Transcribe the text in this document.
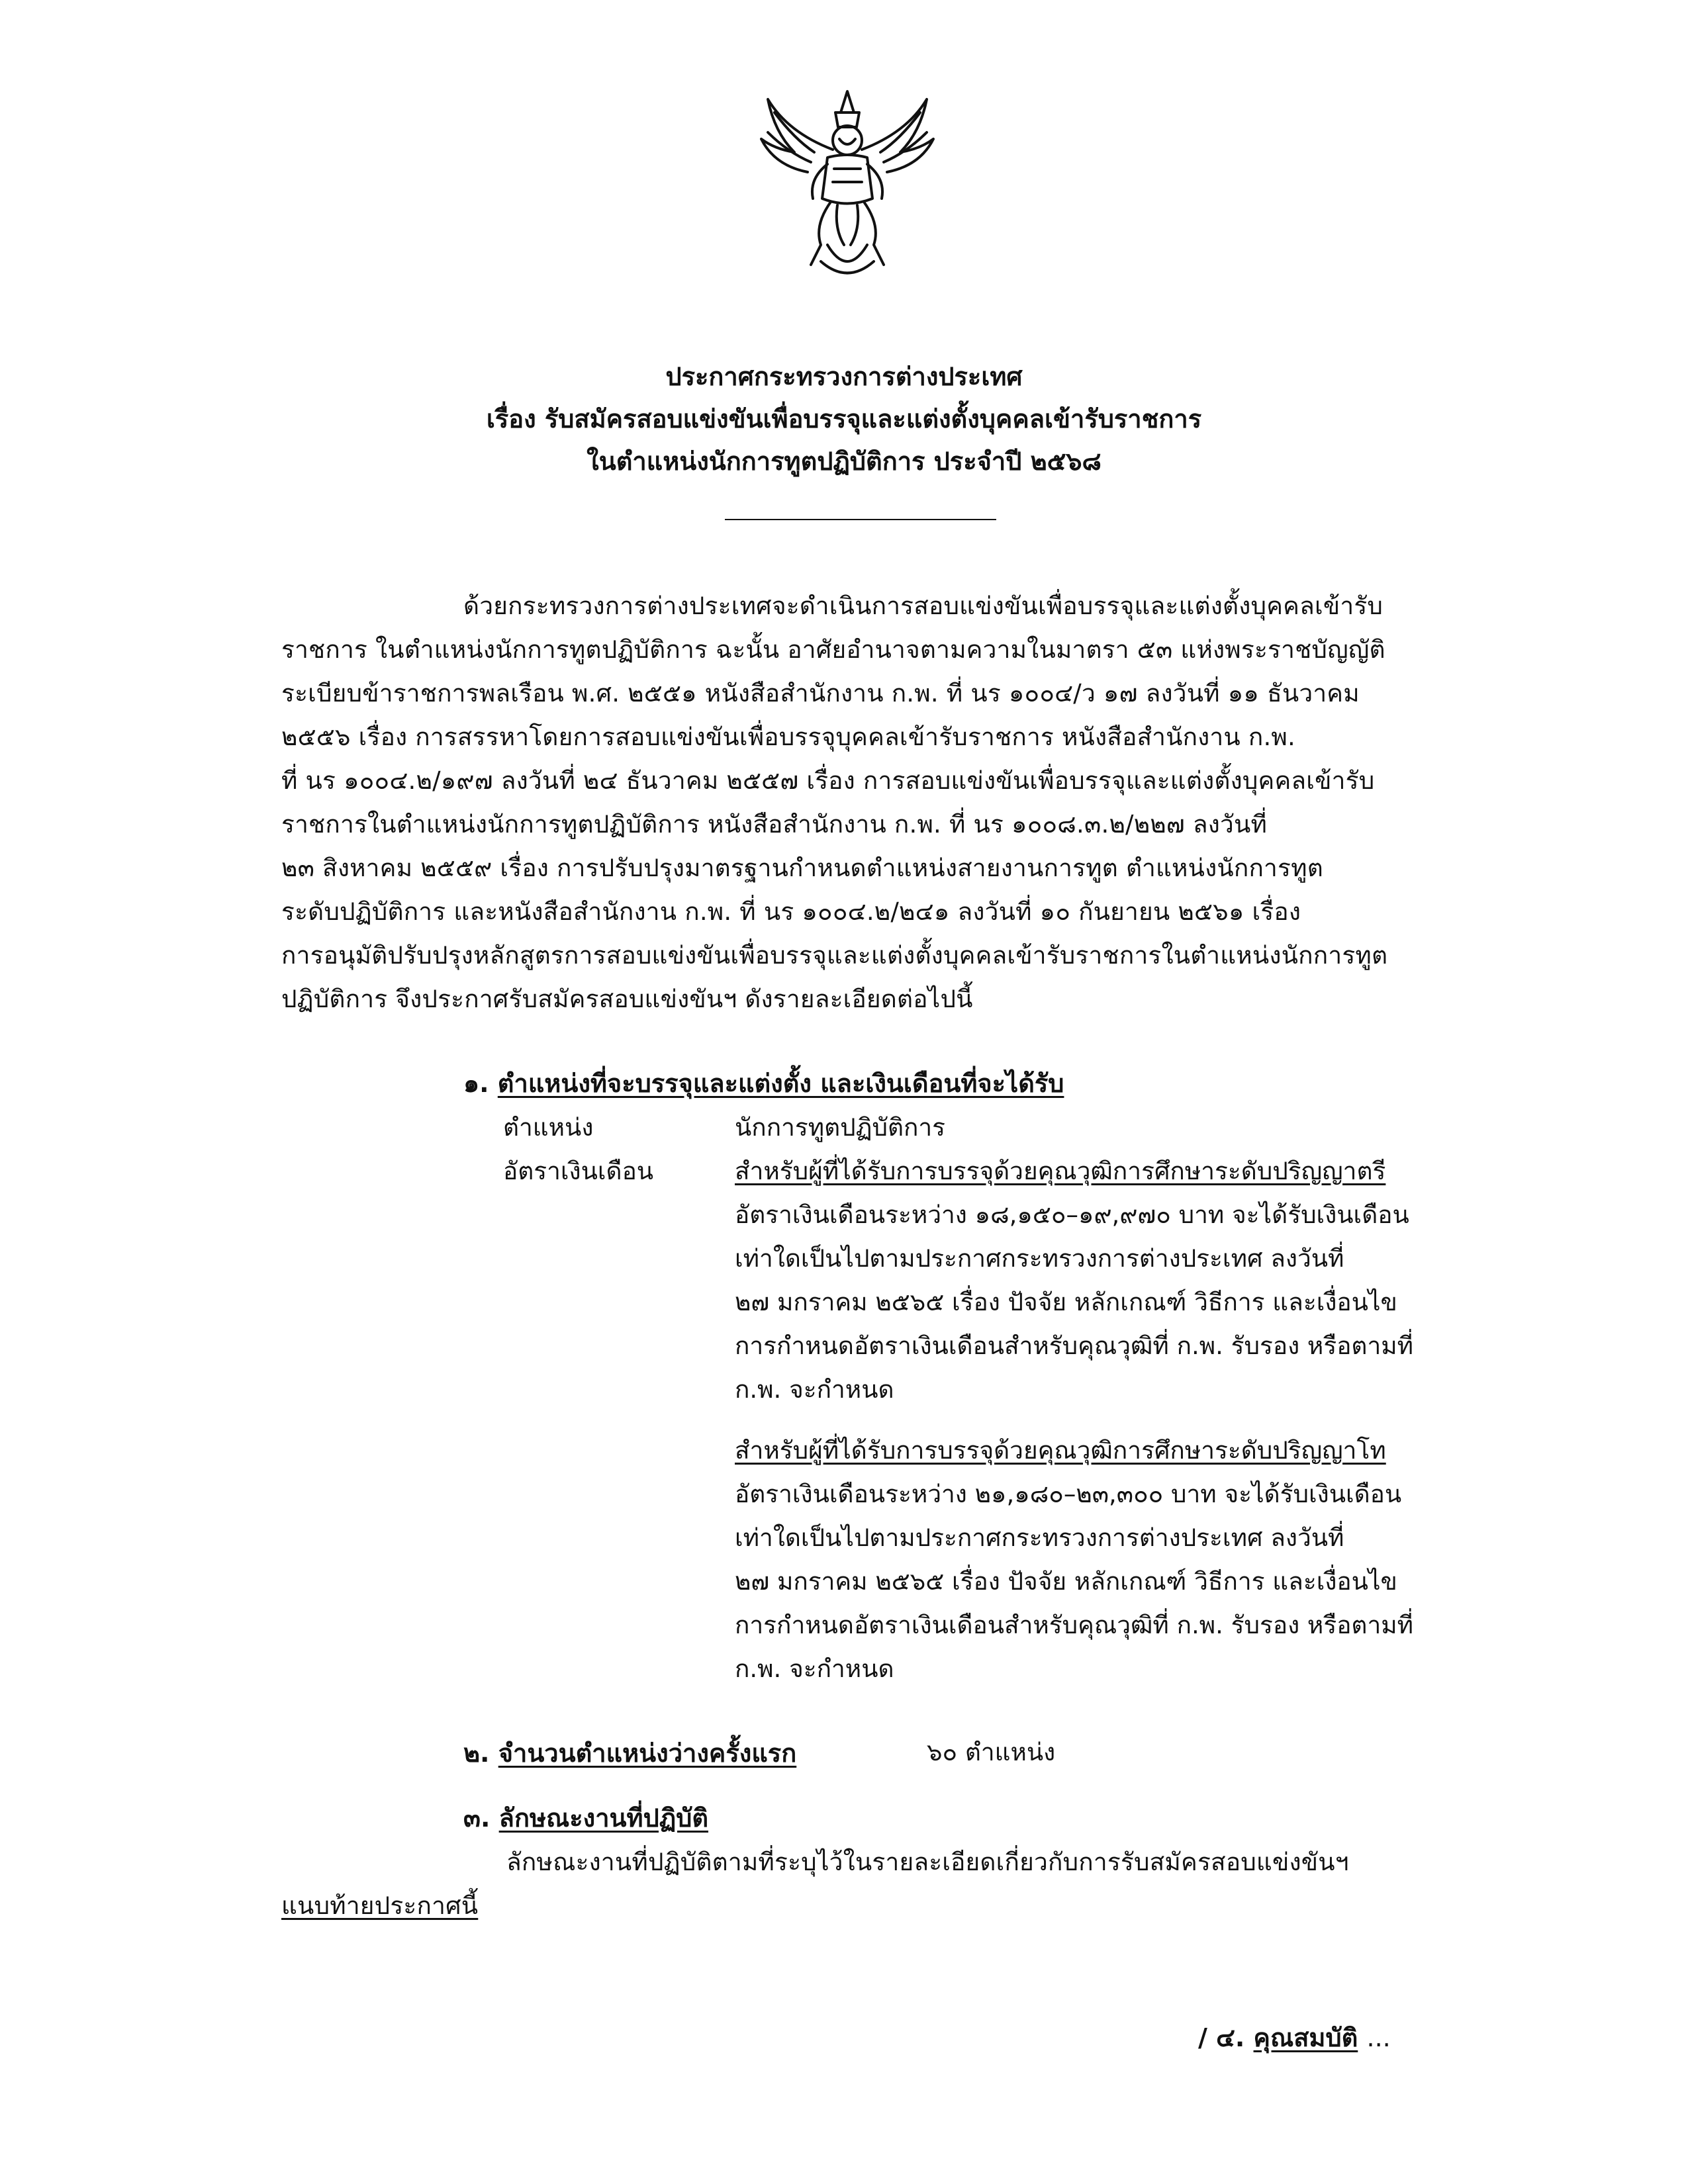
ประกาศกระทรวงการต่างประเทศ
เรื่อง รับสมัครสอบแข่งขันเพื่อบรรจุและแต่งตั้งบุคคลเข้ารับราชการ
ในตำแหน่งนักการทูตปฏิบัติการ ประจำปี ๒๕๖๘
ด้วยกระทรวงการต่างประเทศจะดำเนินการสอบแข่งขันเพื่อบรรจุและแต่งตั้งบุคคลเข้ารับ
ราชการ ในตำแหน่งนักการทูตปฏิบัติการ ฉะนั้น อาศัยอำนาจตามความในมาตรา ๕๓ แห่งพระราชบัญญัติ
ระเบียบข้าราชการพลเรือน พ.ศ. ๒๕๕๑ หนังสือสำนักงาน ก.พ. ที่ นร ๑๐๐๔/ว ๑๗ ลงวันที่ ๑๑ ธันวาคม
๒๕๕๖ เรื่อง การสรรหาโดยการสอบแข่งขันเพื่อบรรจุบุคคลเข้ารับราชการ หนังสือสำนักงาน ก.พ.
ที่ นร ๑๐๐๔.๒/๑๙๗ ลงวันที่ ๒๔ ธันวาคม ๒๕๕๗ เรื่อง การสอบแข่งขันเพื่อบรรจุและแต่งตั้งบุคคลเข้ารับ
ราชการในตำแหน่งนักการทูตปฏิบัติการ หนังสือสำนักงาน ก.พ. ที่ นร ๑๐๐๘.๓.๒/๒๒๗ ลงวันที่
๒๓ สิงหาคม ๒๕๕๙ เรื่อง การปรับปรุงมาตรฐานกำหนดตำแหน่งสายงานการทูต ตำแหน่งนักการทูต
ระดับปฏิบัติการ และหนังสือสำนักงาน ก.พ. ที่ นร ๑๐๐๔.๒/๒๔๑ ลงวันที่ ๑๐ กันยายน ๒๕๖๑ เรื่อง
การอนุมัติปรับปรุงหลักสูตรการสอบแข่งขันเพื่อบรรจุและแต่งตั้งบุคคลเข้ารับราชการในตำแหน่งนักการทูต
ปฏิบัติการ จึงประกาศรับสมัครสอบแข่งขันฯ ดังรายละเอียดต่อไปนี้
๑. ตำแหน่งที่จะบรรจุและแต่งตั้ง และเงินเดือนที่จะได้รับ
ตำแหน่ง	นักการทูตปฏิบัติการ
อัตราเงินเดือน	สำหรับผู้ที่ได้รับการบรรจุด้วยคุณวุฒิการศึกษาระดับปริญญาตรี
อัตราเงินเดือนระหว่าง ๑๘,๑๕๐–๑๙,๙๗๐ บาท จะได้รับเงินเดือน
เท่าใดเป็นไปตามประกาศกระทรวงการต่างประเทศ ลงวันที่
๒๗ มกราคม ๒๕๖๕ เรื่อง ปัจจัย หลักเกณฑ์ วิธีการ และเงื่อนไข
การกำหนดอัตราเงินเดือนสำหรับคุณวุฒิที่ ก.พ. รับรอง หรือตามที่
ก.พ. จะกำหนด
สำหรับผู้ที่ได้รับการบรรจุด้วยคุณวุฒิการศึกษาระดับปริญญาโท
อัตราเงินเดือนระหว่าง ๒๑,๑๘๐–๒๓,๓๐๐ บาท จะได้รับเงินเดือน
เท่าใดเป็นไปตามประกาศกระทรวงการต่างประเทศ ลงวันที่
๒๗ มกราคม ๒๕๖๕ เรื่อง ปัจจัย หลักเกณฑ์ วิธีการ และเงื่อนไข
การกำหนดอัตราเงินเดือนสำหรับคุณวุฒิที่ ก.พ. รับรอง หรือตามที่
ก.พ. จะกำหนด
๒. จำนวนตำแหน่งว่างครั้งแรก	๖๐ ตำแหน่ง
๓. ลักษณะงานที่ปฏิบัติ
ลักษณะงานที่ปฏิบัติตามที่ระบุไว้ในรายละเอียดเกี่ยวกับการรับสมัครสอบแข่งขันฯ
แนบท้ายประกาศนี้
/ ๔. คุณสมบัติ ...
